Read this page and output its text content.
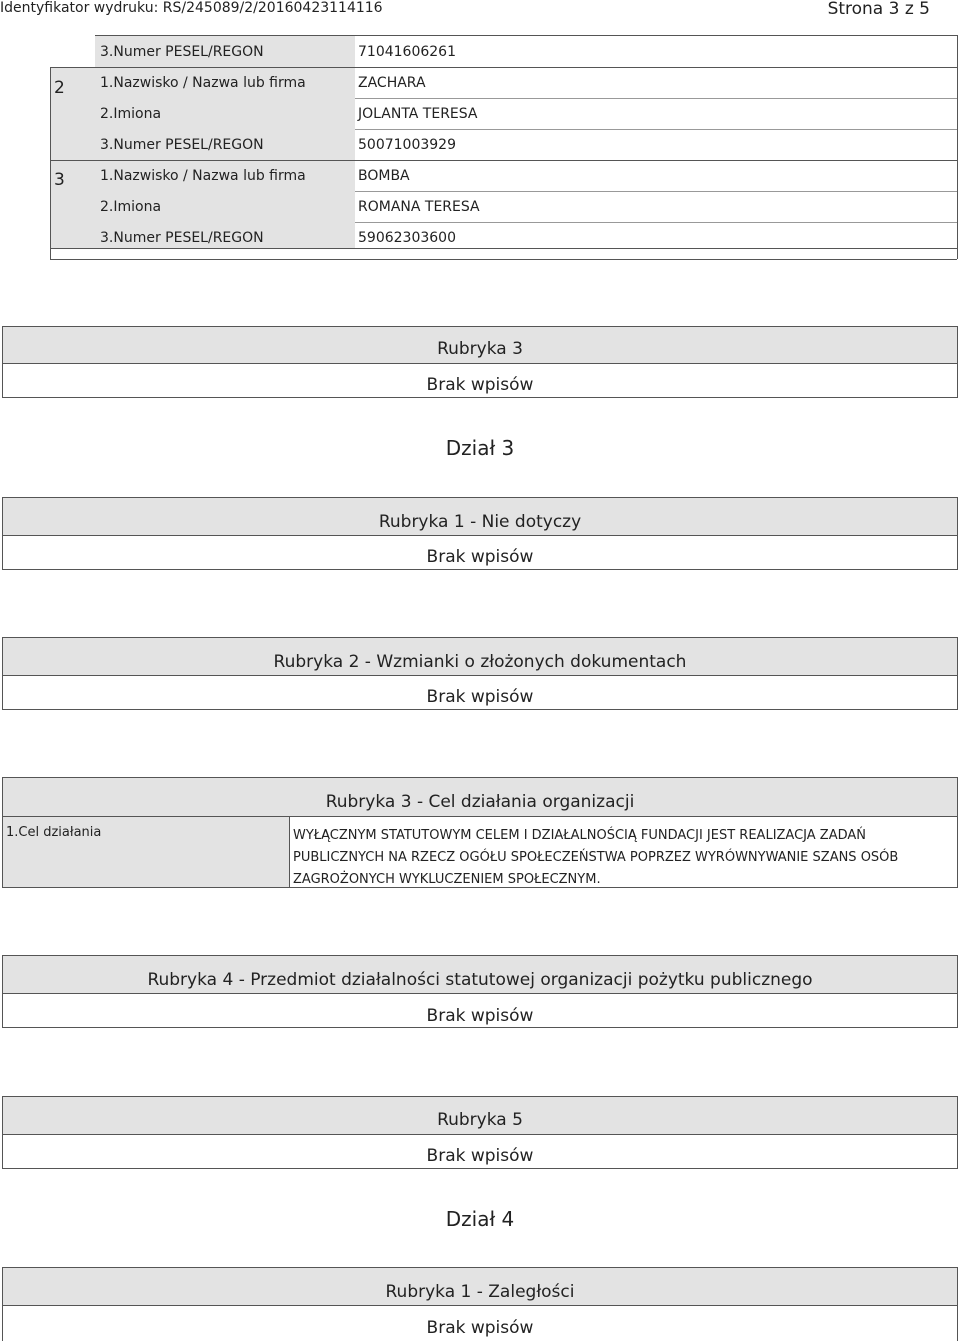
Identyfikator wydruku: RS/245089/2/20160423114116	Strona 3 z 5
3.Numer PESEL/REGON	71041606261
2	1.Nazwisko / Nazwa lub firma	ZACHARA
2.Imiona	JOLANTA TERESA
3.Numer PESEL/REGON	50071003929
3	1.Nazwisko / Nazwa lub firma	BOMBA
2.Imiona	ROMANA TERESA
3.Numer PESEL/REGON	59062303600
Rubryka 3
Brak wpisów
Dział 3
Rubryka 1 - Nie dotyczy
Brak wpisów
Rubryka 2 - Wzmianki o złożonych dokumentach
Brak wpisów
Rubryka 3 - Cel działania organizacji
1.Cel działania	WYŁĄCZNYM STATUTOWYM CELEM I DZIAŁALNOŚCIĄ FUNDACJI JEST REALIZACJA ZADAŃ
PUBLICZNYCH NA RZECZ OGÓŁU SPOŁECZEŃSTWA POPRZEZ WYRÓWNYWANIE SZANS OSÓB
ZAGROŻONYCH WYKLUCZENIEM SPOŁECZNYM.
Rubryka 4 - Przedmiot działalności statutowej organizacji pożytku publicznego
Brak wpisów
Rubryka 5
Brak wpisów
Dział 4
Rubryka 1 - Zaległości
Brak wpisów
